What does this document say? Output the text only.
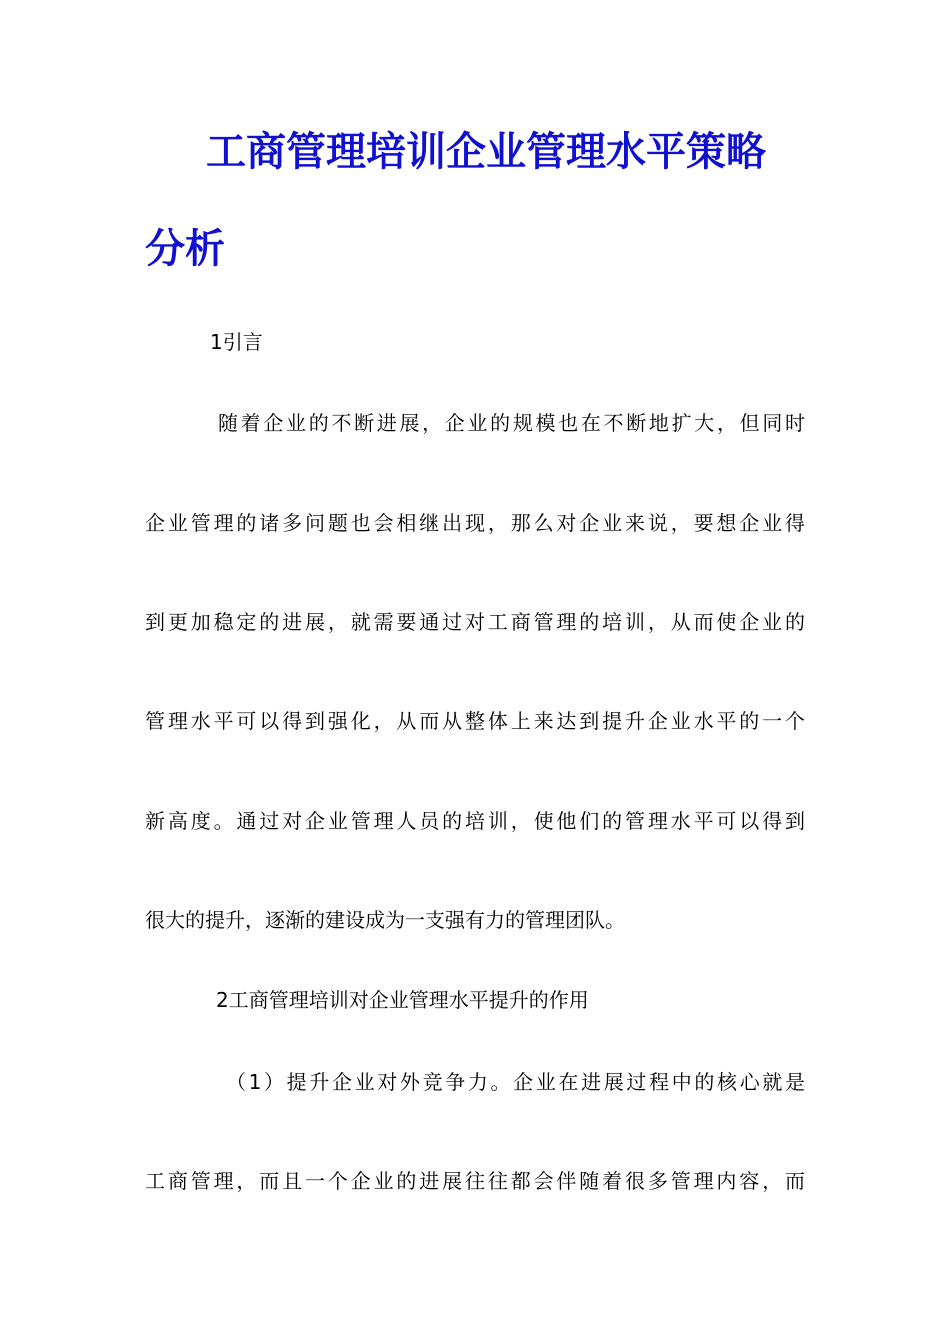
工商管理培训企业管理水平策略
分析
1引言
随着企业的不断进展，企业的规模也在不断地扩大，但同时
企业管理的诸多问题也会相继出现，那么对企业来说，要想企业得
到更加稳定的进展，就需要通过对工商管理的培训，从而使企业的
管理水平可以得到强化，从而从整体上来达到提升企业水平的一个
新高度。通过对企业管理人员的培训，使他们的管理水平可以得到
很大的提升，逐渐的建设成为一支强有力的管理团队。
2工商管理培训对企业管理水平提升的作用
（1）提升企业对外竞争力。企业在进展过程中的核心就是
工商管理，而且一个企业的进展往往都会伴随着很多管理内容，而
